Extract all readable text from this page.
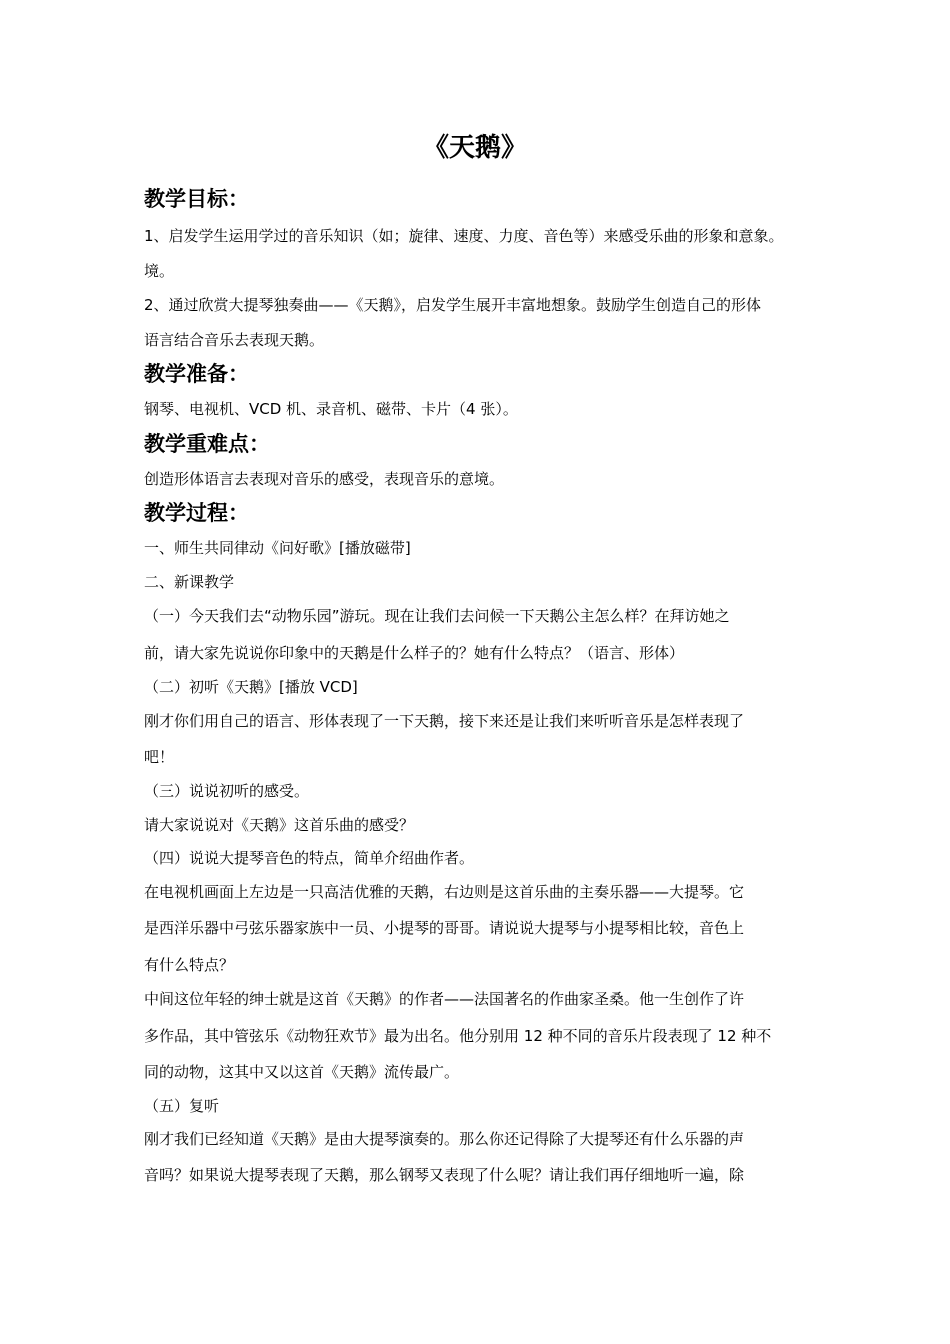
《天鹅》
教学目标：
1、启发学生运用学过的音乐知识（如；旋律、速度、力度、音色等）来感受乐曲的形象和意象。
境。
2、通过欣赏大提琴独奏曲——《天鹅》，启发学生展开丰富地想象。鼓励学生创造自己的形体
语言结合音乐去表现天鹅。
教学准备：
钢琴、电视机、VCD 机、录音机、磁带、卡片（4 张）。
教学重难点：
创造形体语言去表现对音乐的感受，表现音乐的意境。
教学过程：
一、师生共同律动《问好歌》[播放磁带]
二、新课教学
（一）今天我们去“动物乐园”游玩。现在让我们去问候一下天鹅公主怎么样？在拜访她之
前，请大家先说说你印象中的天鹅是什么样子的？她有什么特点？（语言、形体）
（二）初听《天鹅》[播放 VCD]
刚才你们用自己的语言、形体表现了一下天鹅，接下来还是让我们来听听音乐是怎样表现了
吧！
（三）说说初听的感受。
请大家说说对《天鹅》这首乐曲的感受？
（四）说说大提琴音色的特点，简单介绍曲作者。
在电视机画面上左边是一只高洁优雅的天鹅，右边则是这首乐曲的主奏乐器——大提琴。它
是西洋乐器中弓弦乐器家族中一员、小提琴的哥哥。请说说大提琴与小提琴相比较，音色上
有什么特点？
中间这位年轻的绅士就是这首《天鹅》的作者——法国著名的作曲家圣桑。他一生创作了许
多作品，其中管弦乐《动物狂欢节》最为出名。他分别用 12 种不同的音乐片段表现了 12 种不
同的动物，这其中又以这首《天鹅》流传最广。
（五）复听
刚才我们已经知道《天鹅》是由大提琴演奏的。那么你还记得除了大提琴还有什么乐器的声
音吗？如果说大提琴表现了天鹅，那么钢琴又表现了什么呢？请让我们再仔细地听一遍，除
